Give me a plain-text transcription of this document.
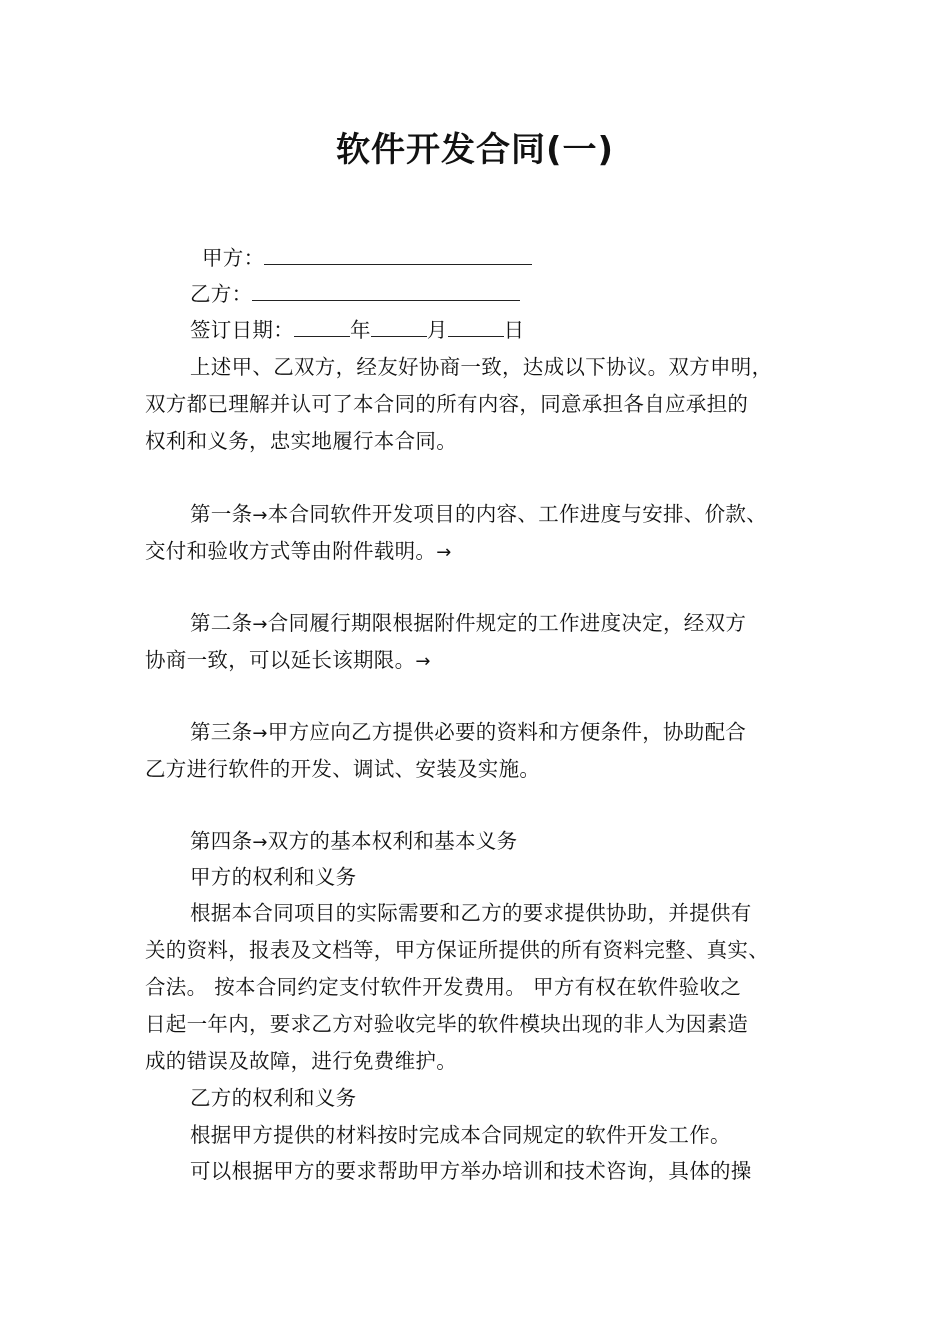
软件开发合同(一)
甲方：
乙方：
签订日期：	年	月	日
上述甲、乙双方，经友好协商一致，达成以下协议。双方申明，
双方都已理解并认可了本合同的所有内容，同意承担各自应承担的
权利和义务，忠实地履行本合同。
第一条→本合同软件开发项目的内容、工作进度与安排、价款、
交付和验收方式等由附件载明。→
第二条→合同履行期限根据附件规定的工作进度决定，经双方
协商一致，可以延长该期限。→
第三条→甲方应向乙方提供必要的资料和方便条件，协助配合
乙方进行软件的开发、调试、安装及实施。
第四条→双方的基本权利和基本义务
甲方的权利和义务
根据本合同项目的实际需要和乙方的要求提供协助，并提供有
关的资料，报表及文档等，甲方保证所提供的所有资料完整、真实、
合法。 按本合同约定支付软件开发费用。 甲方有权在软件验收之
日起一年内，要求乙方对验收完毕的软件模块出现的非人为因素造
成的错误及故障，进行免费维护。
乙方的权利和义务
根据甲方提供的材料按时完成本合同规定的软件开发工作。
可以根据甲方的要求帮助甲方举办培训和技术咨询，具体的操
